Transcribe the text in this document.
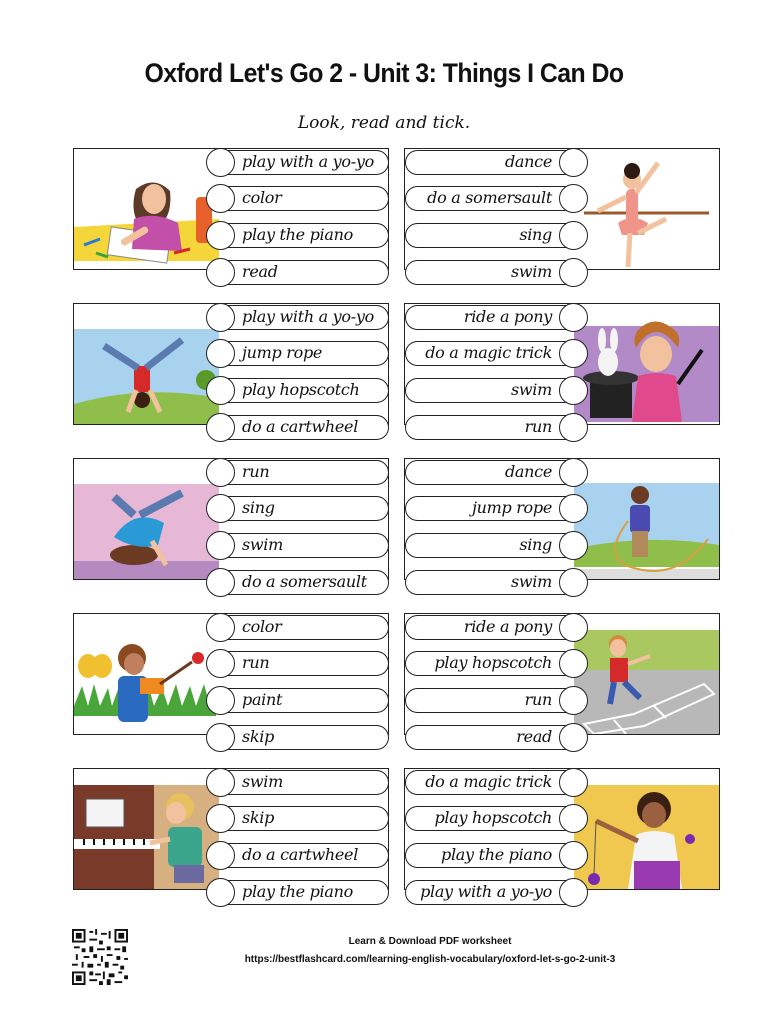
Oxford Let's Go 2 - Unit 3: Things I Can Do
Look, read and tick.
play with a yo-yo
color
play the piano
read
dance
do a somersault
sing
swim
play with a yo-yo
jump rope
play hopscotch
do a cartwheel
ride a pony
do a magic trick
swim
run
run
sing
swim
do a somersault
dance
jump rope
sing
swim
color
run
paint
skip
ride a pony
play hopscotch
run
read
swim
skip
do a cartwheel
play the piano
do a magic trick
play hopscotch
play the piano
play with a yo-yo
Learn & Download PDF worksheet
https://bestflashcard.com/learning-english-vocabulary/oxford-let-s-go-2-unit-3
